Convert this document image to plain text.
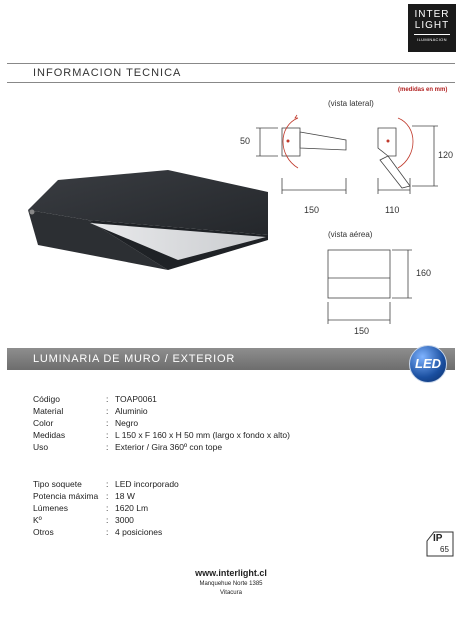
INTER
LIGHT
ILUMINACION
INFORMACION TECNICA
(medidas en mm)
(vista lateral)
50
120
150	110
(vista aérea)
160
150
LUMINARIA DE MURO / EXTERIOR	LED
Código	: TOAP0061
Material	: Aluminio
Color	: Negro
Medidas	: L 150 x F 160 x H 50 mm (largo x fondo x alto)
Uso	: Exterior / Gira 360º con tope
Tipo soquete	: LED incorporado
Potencia máxima : 18 W
Lúmenes	: 1620 Lm
Kº	: 3000
Otros	: 4 posiciones
IP
65
www.interlight.cl
Manquehue Norte 1385
Vitacura
